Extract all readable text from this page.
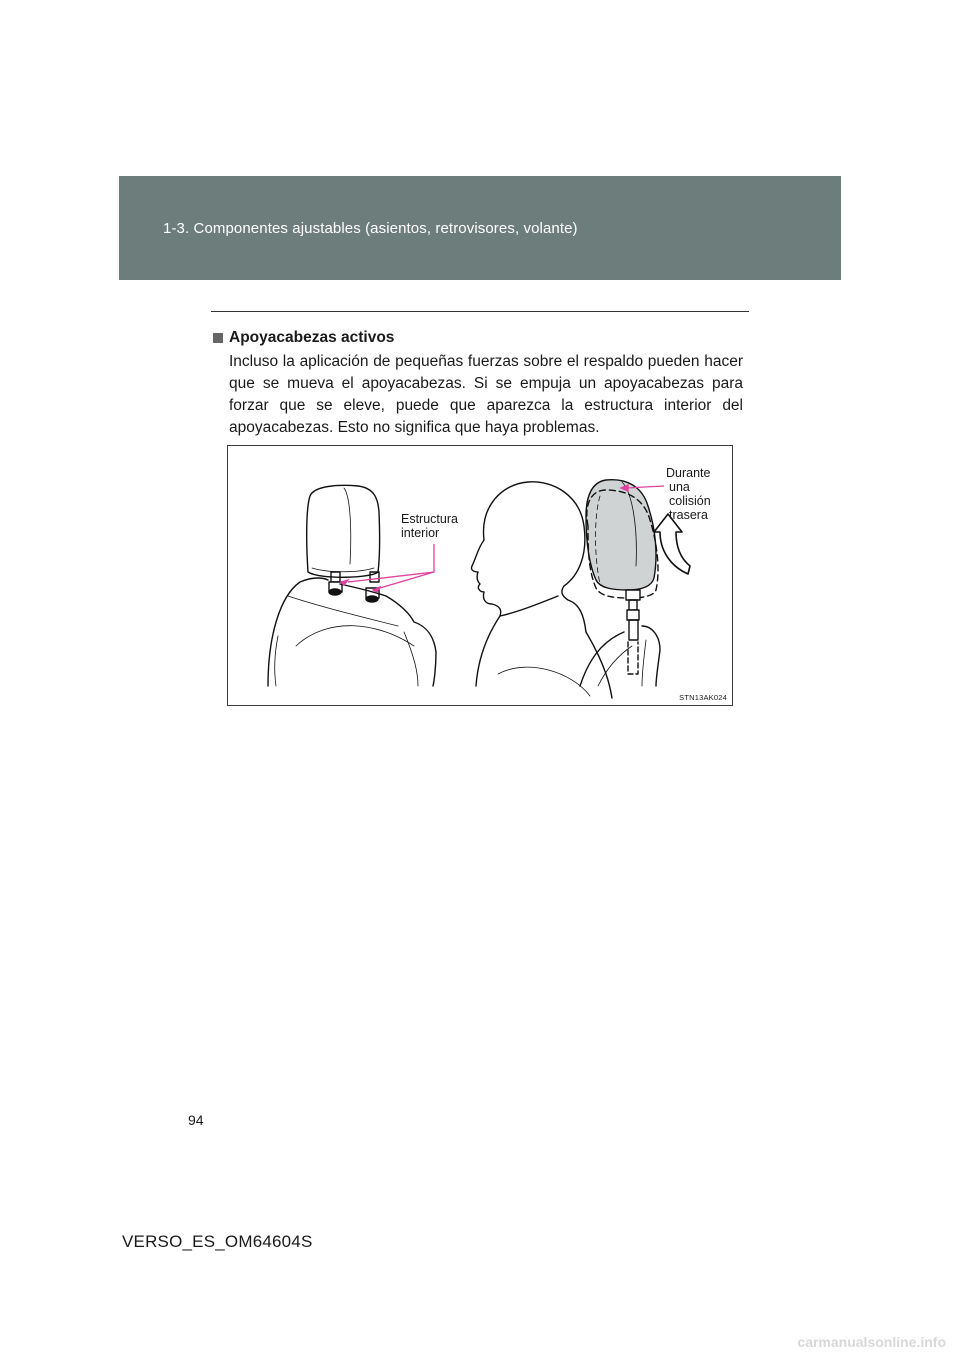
1-3. Componentes ajustables (asientos, retrovisores, volante)
Apoyacabezas activos
Incluso la aplicación de pequeñas fuerzas sobre el respaldo pueden hacer que se mueva el apoyacabezas. Si se empuja un apoyacabezas para forzar que se eleve, puede que aparezca la estructura interior del apoyacabezas. Esto no significa que haya problemas.
Estructura
interior
Durante
una
colisión
trasera
STN13AK024
94
VERSO_ES_OM64604S
carmanualsonline.info
